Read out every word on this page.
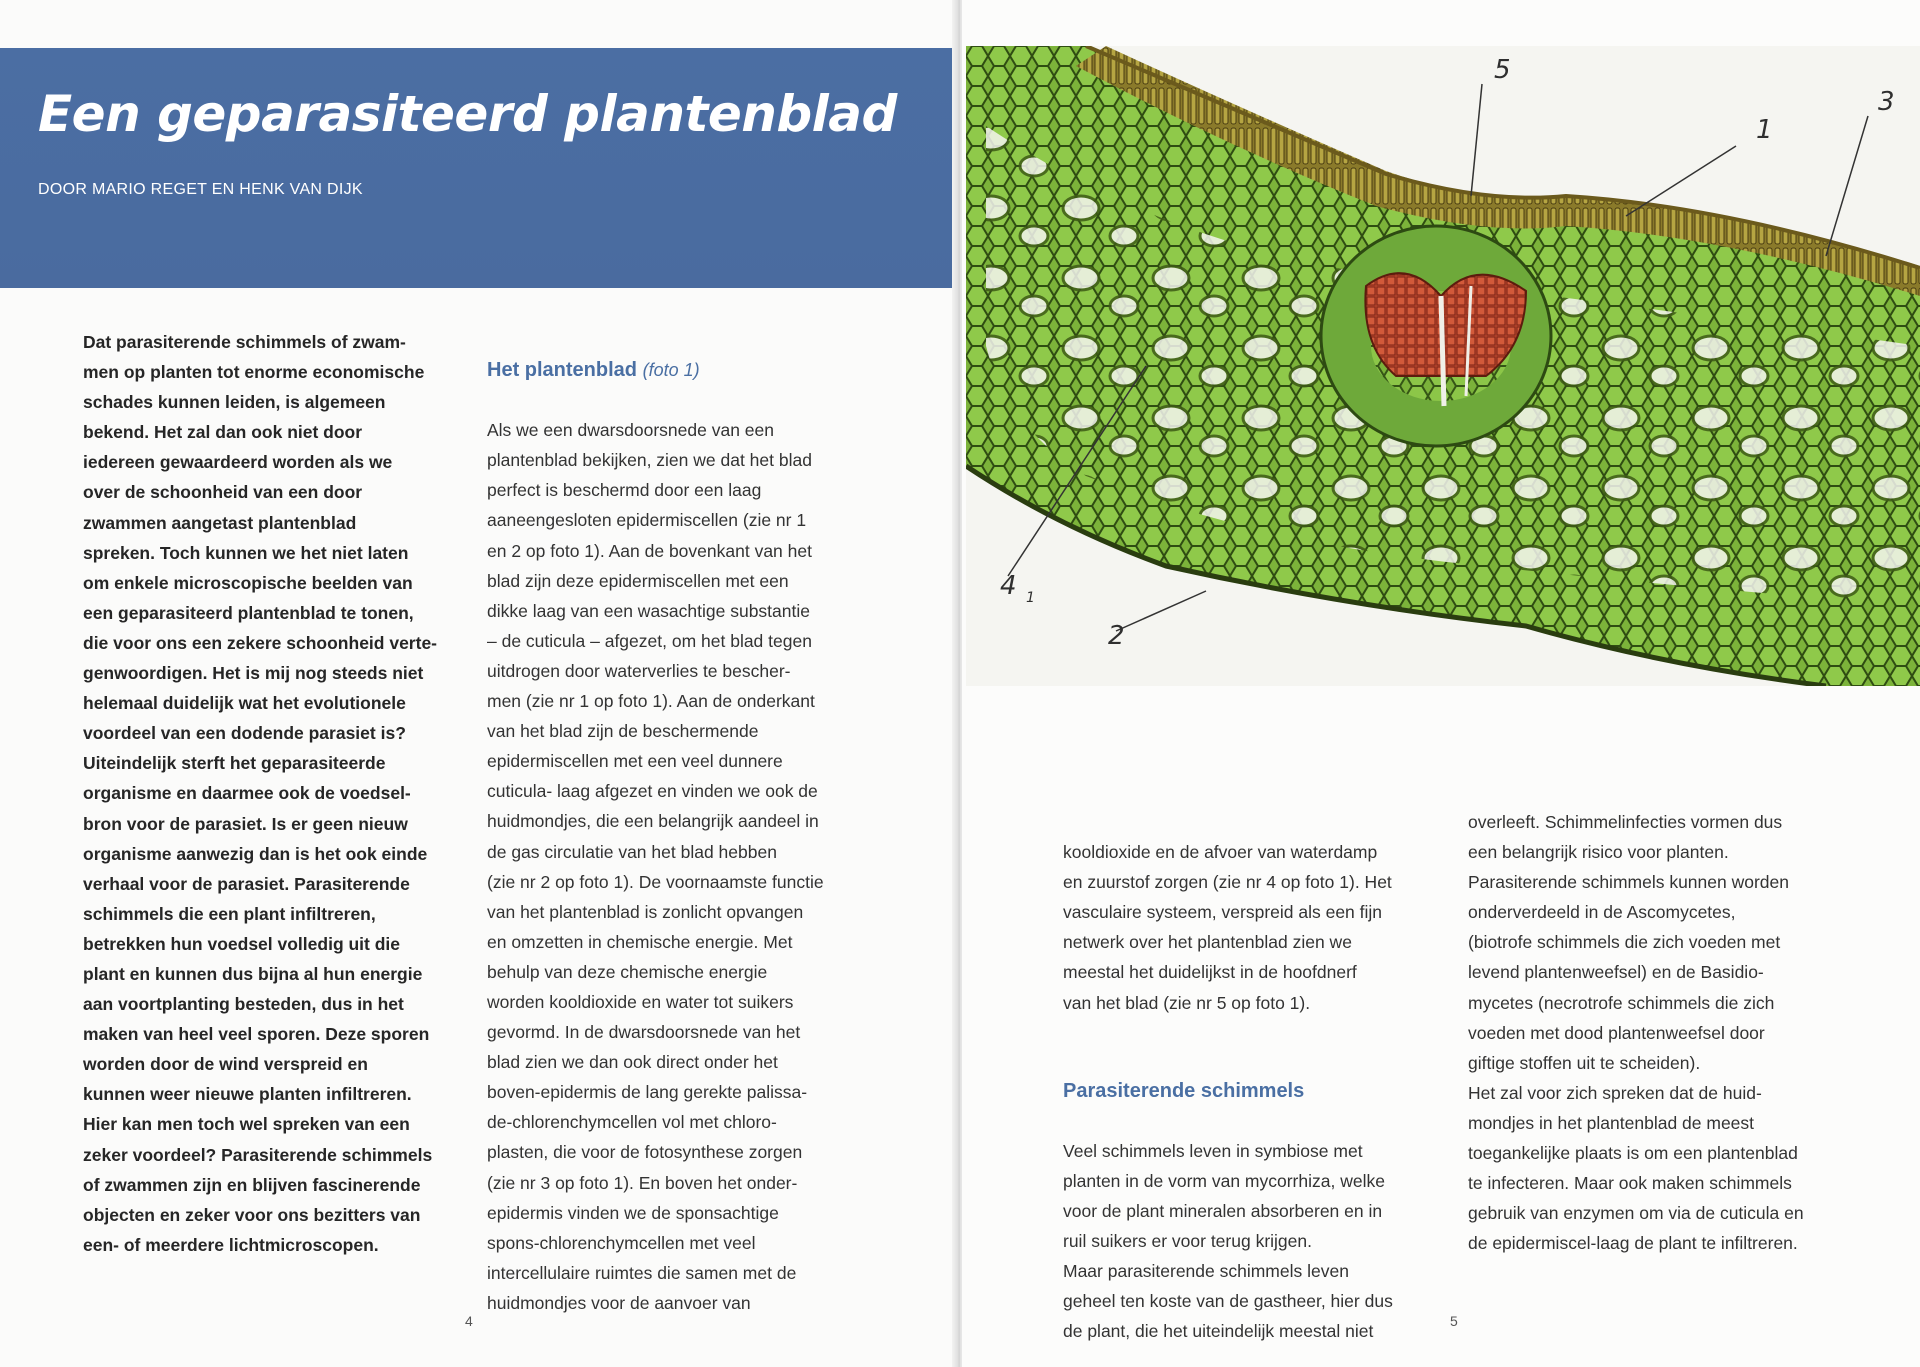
Een geparasiteerd plantenblad
DOOR MARIO REGET EN HENK VAN DIJK
Dat parasiterende schimmels of zwam-
men op planten tot enorme economische
schades kunnen leiden, is algemeen
bekend. Het zal dan ook niet door
iedereen gewaardeerd worden als we
over de schoonheid van een door
zwammen aangetast plantenblad
spreken. Toch kunnen we het niet laten
om enkele microscopische beelden van
een geparasiteerd plantenblad te tonen,
die voor ons een zekere schoonheid verte-
genwoordigen. Het is mij nog steeds niet
helemaal duidelijk wat het evolutionele
voordeel van een dodende parasiet is?
Uiteindelijk sterft het geparasiteerde
organisme en daarmee ook de voedsel-
bron voor de parasiet. Is er geen nieuw
organisme aanwezig dan is het ook einde
verhaal voor de parasiet. Parasiterende
schimmels die een plant infiltreren,
betrekken hun voedsel volledig uit die
plant en kunnen dus bijna al hun energie
aan voortplanting besteden, dus in het
maken van heel veel sporen. Deze sporen
worden door de wind verspreid en
kunnen weer nieuwe planten infiltreren.
Hier kan men toch wel spreken van een
zeker voordeel? Parasiterende schimmels
of zwammen zijn en blijven fascinerende
objecten en zeker voor ons bezitters van
een- of meerdere lichtmicroscopen.

Het plantenblad (foto 1)

Als we een dwarsdoorsnede van een
plantenblad bekijken, zien we dat het blad
perfect is beschermd door een laag
aaneengesloten epidermiscellen (zie nr 1
en 2 op foto 1). Aan de bovenkant van het
blad zijn deze epidermiscellen met een
dikke laag van een wasachtige substantie
– de cuticula – afgezet, om het blad tegen
uitdrogen door waterverlies te bescher-
men (zie nr 1 op foto 1). Aan de onderkant
van het blad zijn de beschermende
epidermiscellen met een veel dunnere
cuticula- laag afgezet en vinden we ook de
huidmondjes, die een belangrijk aandeel in
de gas circulatie van het blad hebben
(zie nr 2 op foto 1). De voornaamste functie
van het plantenblad is zonlicht opvangen
en omzetten in chemische energie. Met
behulp van deze chemische energie
worden kooldioxide en water tot suikers
gevormd. In de dwarsdoorsnede van het
blad zien we dan ook direct onder het
boven-epidermis de lang gerekte palissa-
de-chlorenchymcellen vol met chloro-
plasten, die voor de fotosynthese zorgen
(zie nr 3 op foto 1). En boven het onder-
epidermis vinden we de sponsachtige
spons-chlorenchymcellen met veel
intercellulaire ruimtes die samen met de
huidmondjes voor de aanvoer van

4

kooldioxide en de afvoer van waterdamp
en zuurstof zorgen (zie nr 4 op foto 1). Het
vasculaire systeem, verspreid als een fijn
netwerk over het plantenblad zien we
meestal het duidelijkst in de hoofdnerf
van het blad (zie nr 5 op foto 1).

Parasiterende schimmels

Veel schimmels leven in symbiose met
planten in de vorm van mycorrhiza, welke
voor de plant mineralen absorberen en in
ruil suikers er voor terug krijgen.
Maar parasiterende schimmels leven
geheel ten koste van de gastheer, hier dus
de plant, die het uiteindelijk meestal niet

overleeft. Schimmelinfecties vormen dus
een belangrijk risico voor planten.
Parasiterende schimmels kunnen worden
onderverdeeld in de Ascomycetes,
(biotrofe schimmels die zich voeden met
levend plantenweefsel) en de Basidio-
mycetes (necrotrofe schimmels die zich
voeden met dood plantenweefsel door
giftige stoffen uit te scheiden).
Het zal voor zich spreken dat de huid-
mondjes in het plantenblad de meest
toegankelijke plaats is om een plantenblad
te infecteren. Maar ook maken schimmels
gebruik van enzymen om via de cuticula en
de epidermiscel-laag de plant te infiltreren.
5
5
1
3
4 1
2
